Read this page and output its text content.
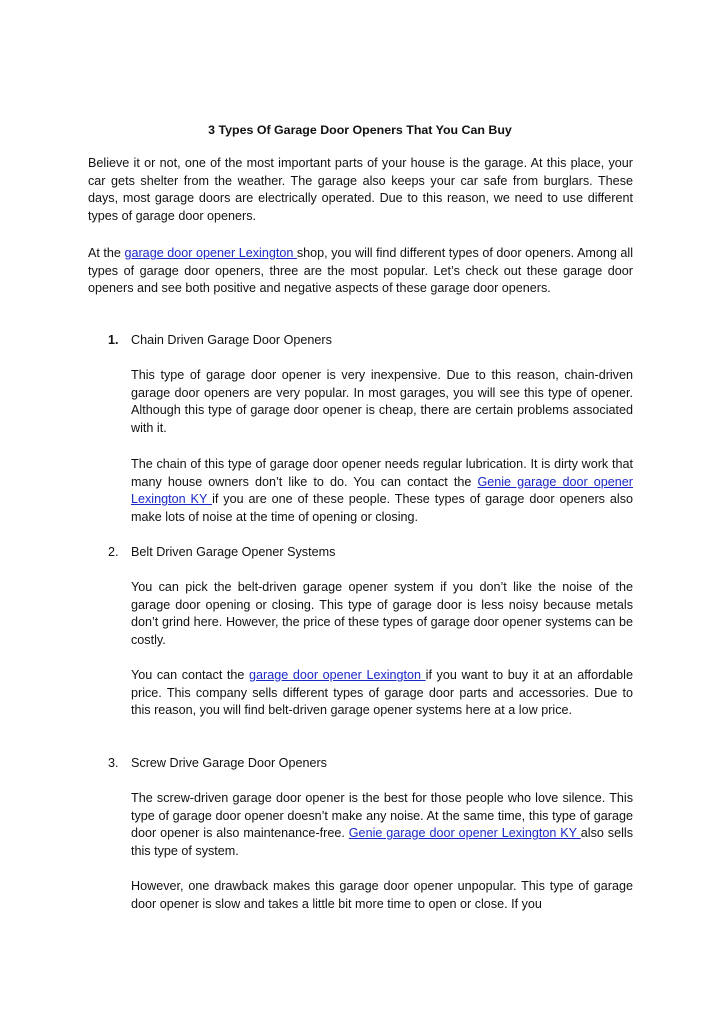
3 Types Of Garage Door Openers That You Can Buy

Believe it or not, one of the most important parts of your house is the garage. At this place, your car gets shelter from the weather. The garage also keeps your car safe from burglars. These days, most garage doors are electrically operated. Due to this reason, we need to use different types of garage door openers.

At the garage door opener Lexington shop, you will find different types of door openers. Among all types of garage door openers, three are the most popular. Let’s check out these garage door openers and see both positive and negative aspects of these garage door openers.

1. Chain Driven Garage Door Openers

This type of garage door opener is very inexpensive. Due to this reason, chain-driven garage door openers are very popular. In most garages, you will see this type of opener. Although this type of garage door opener is cheap, there are certain problems associated with it.

The chain of this type of garage door opener needs regular lubrication. It is dirty work that many house owners don’t like to do. You can contact the Genie garage door opener Lexington KY if you are one of these people. These types of garage door openers also make lots of noise at the time of opening or closing.

2. Belt Driven Garage Opener Systems

You can pick the belt-driven garage opener system if you don’t like the noise of the garage door opening or closing. This type of garage door is less noisy because metals don’t grind here. However, the price of these types of garage door opener systems can be costly.

You can contact the garage door opener Lexington if you want to buy it at an affordable price. This company sells different types of garage door parts and accessories. Due to this reason, you will find belt-driven garage opener systems here at a low price.

3. Screw Drive Garage Door Openers

The screw-driven garage door opener is the best for those people who love silence. This type of garage door opener doesn’t make any noise. At the same time, this type of garage door opener is also maintenance-free. Genie garage door opener Lexington KY also sells this type of system.

However, one drawback makes this garage door opener unpopular. This type of garage door opener is slow and takes a little bit more time to open or close. If you
